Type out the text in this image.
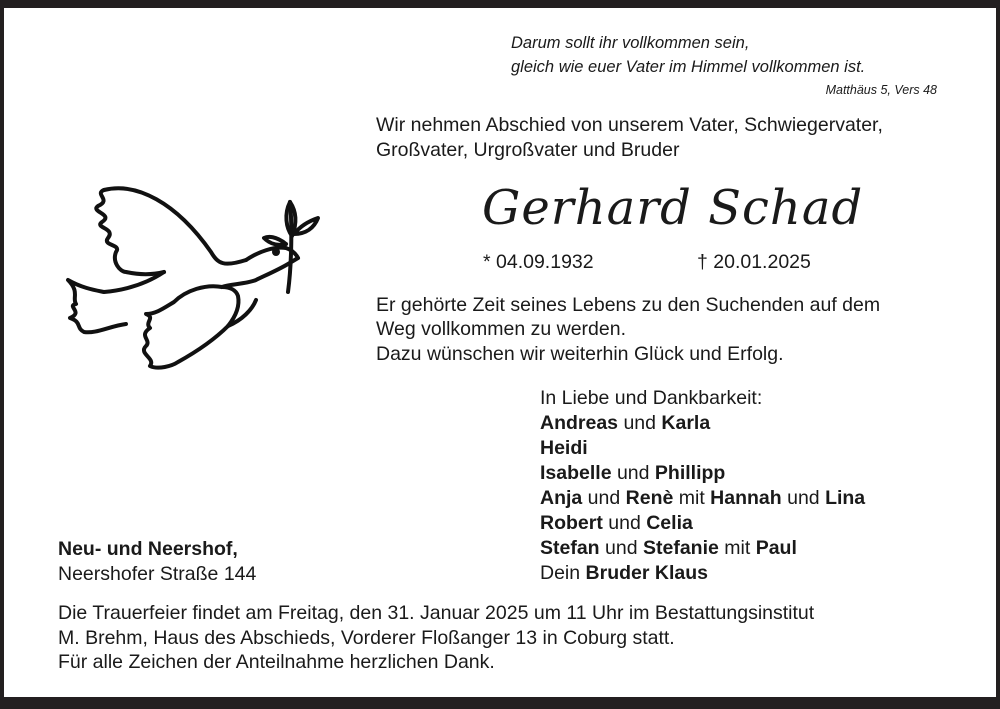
Darum sollt ihr vollkommen sein,
gleich wie euer Vater im Himmel vollkommen ist.
Matthäus 5, Vers 48
Wir nehmen Abschied von unserem Vater, Schwiegervater,
Großvater, Urgroßvater und Bruder
Gerhard Schad
* 04.09.1932	† 20.01.2025
Er gehörte Zeit seines Lebens zu den Suchenden auf dem
Weg vollkommen zu werden.
Dazu wünschen wir weiterhin Glück und Erfolg.
In Liebe und Dankbarkeit:
Andreas und Karla
Heidi
Isabelle und Phillipp
Anja und Renè mit Hannah und Lina
Robert und Celia
Stefan und Stefanie mit Paul
Dein Bruder Klaus
Neu- und Neershof,
Neershofer Straße 144
Die Trauerfeier findet am Freitag, den 31. Januar 2025 um 11 Uhr im Bestattungsinstitut
M. Brehm, Haus des Abschieds, Vorderer Floßanger 13 in Coburg statt.
Für alle Zeichen der Anteilnahme herzlichen Dank.
